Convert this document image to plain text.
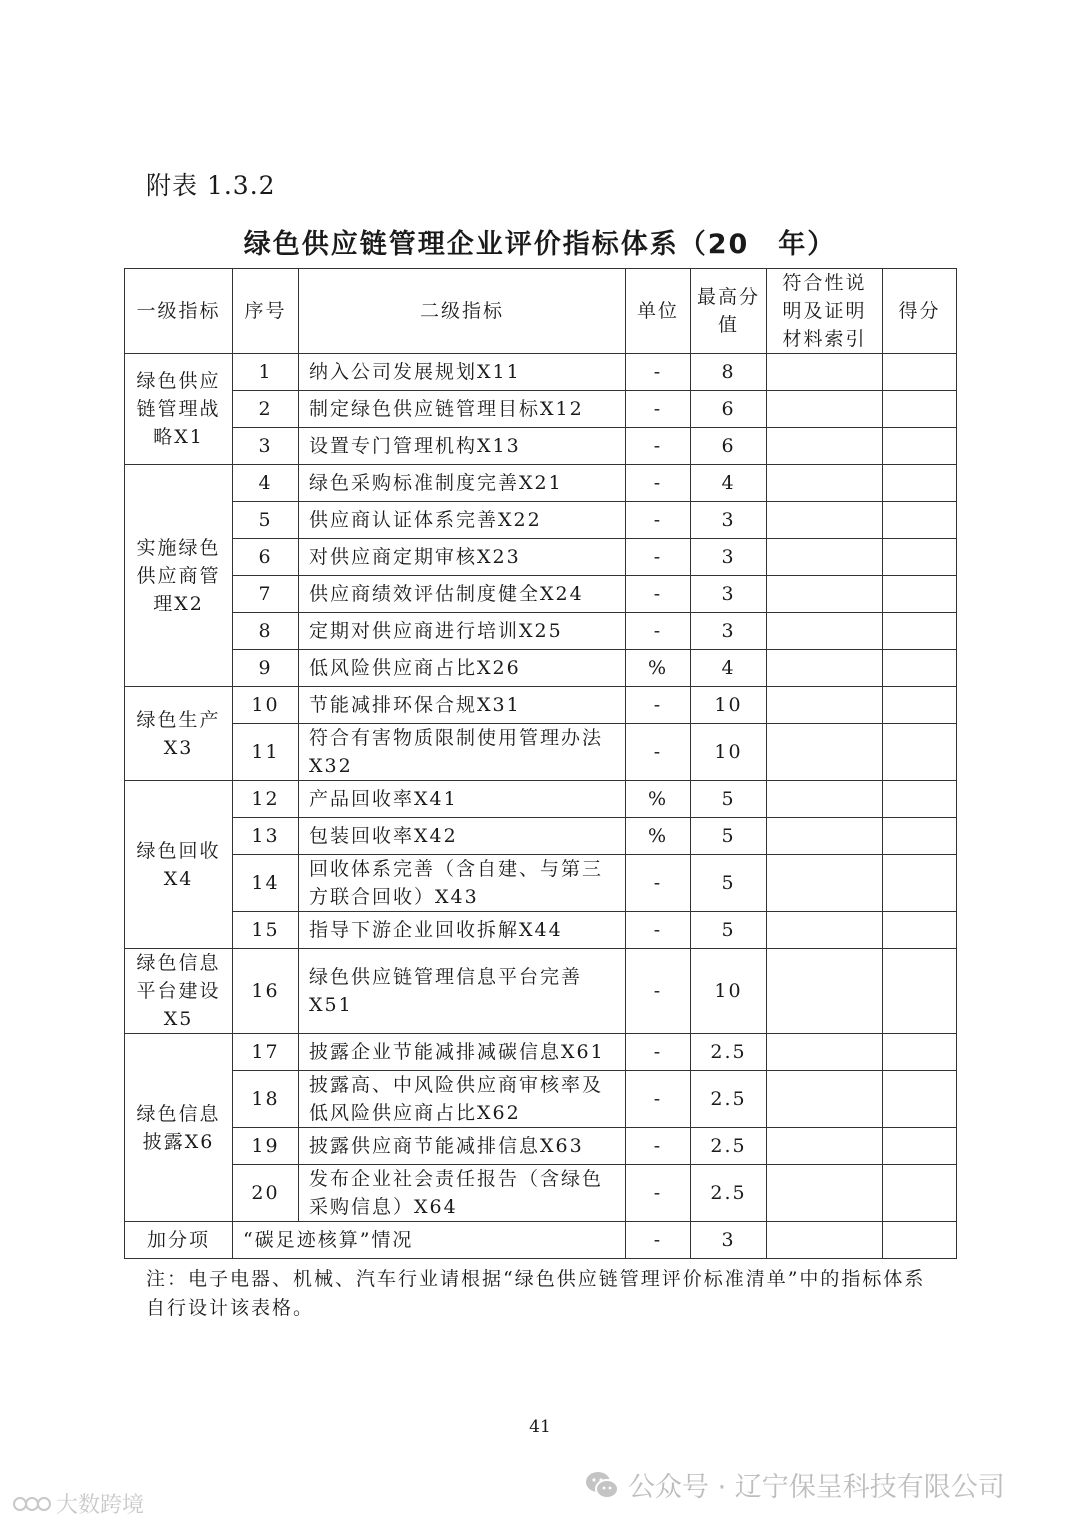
附表 1.3.2
绿色供应链管理企业评价指标体系（20　年）
一级指标	序号	二级指标	单位	最高分值	符合性说明及证明材料索引	得分
绿色供应链管理战略X1	1	纳入公司发展规划X11	-	8		
	2	制定绿色供应链管理目标X12	-	6		
	3	设置专门管理机构X13	-	6		
实施绿色供应商管理X2	4	绿色采购标准制度完善X21	-	4		
	5	供应商认证体系完善X22	-	3		
	6	对供应商定期审核X23	-	3		
	7	供应商绩效评估制度健全X24	-	3		
	8	定期对供应商进行培训X25	-	3		
	9	低风险供应商占比X26	%	4		
绿色生产X3	10	节能减排环保合规X31	-	10		
	11	符合有害物质限制使用管理办法X32	-	10		
绿色回收X4	12	产品回收率X41	%	5		
	13	包装回收率X42	%	5		
	14	回收体系完善（含自建、与第三方联合回收）X43	-	5		
	15	指导下游企业回收拆解X44	-	5		
绿色信息平台建设X5	16	绿色供应链管理信息平台完善X51	-	10		
绿色信息披露X6	17	披露企业节能减排减碳信息X61	-	2.5		
	18	披露高、中风险供应商审核率及低风险供应商占比X62	-	2.5		
	19	披露供应商节能减排信息X63	-	2.5		
	20	发布企业社会责任报告（含绿色采购信息）X64	-	2.5		
加分项	“碳足迹核算”情况		-	3		
注：电子电器、机械、汽车行业请根据“绿色供应链管理评价标准清单”中的指标体系自行设计该表格。
41
公众号 · 辽宁保呈科技有限公司
大数跨境
